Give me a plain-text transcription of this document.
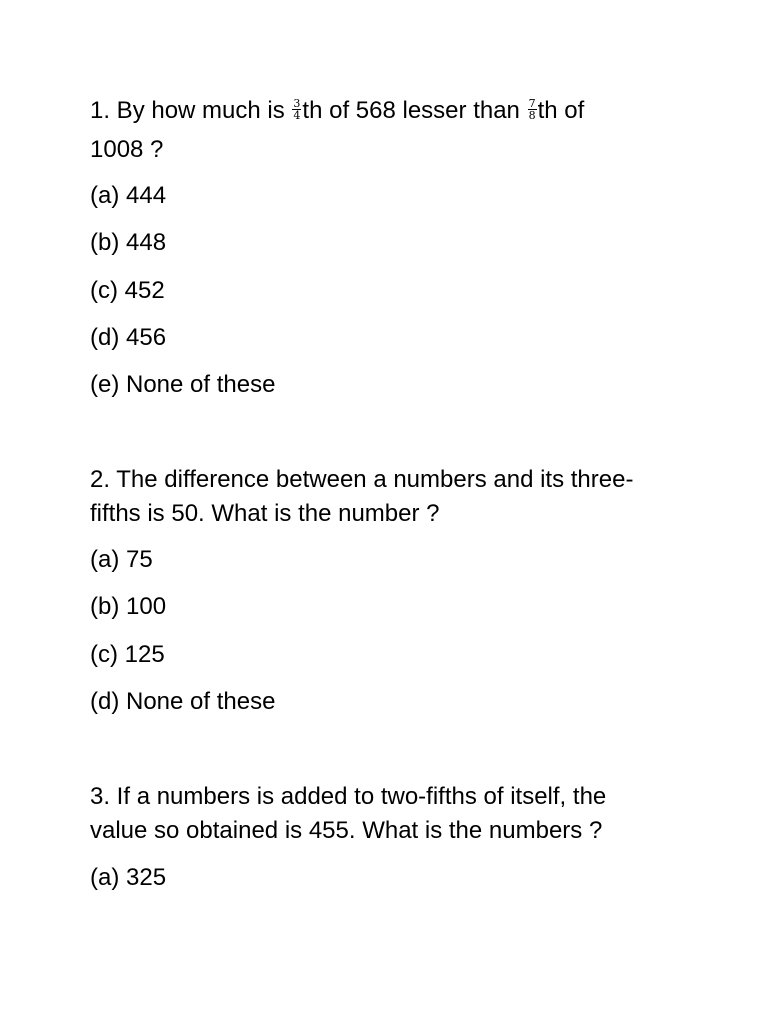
1. By how much is $\frac{3}{4}$ th of 568 lesser than $\frac{7}{8}$ th of
1008 ?
(a) 444
(b) 448
(c) 452
(d) 456
(e) None of these
2. The difference between a numbers and its three-
fifths is 50. What is the number ?
(a) 75
(b) 100
(c) 125
(d) None of these
3. If a numbers is added to two-fifths of itself, the
value so obtained is 455. What is the numbers ?
(a) 325
